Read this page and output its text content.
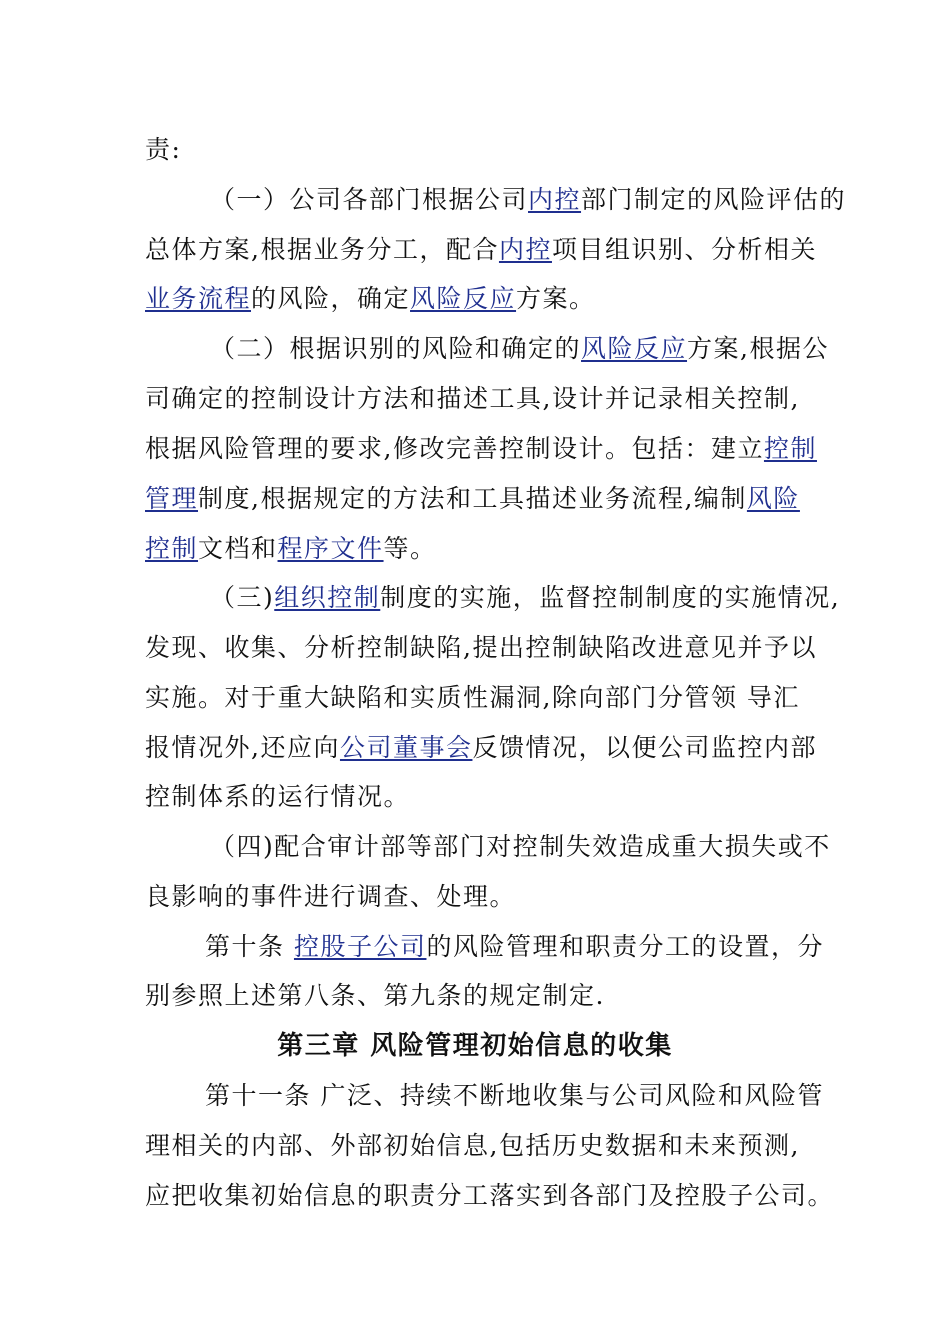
责:
（一）公司各部门根据公司内控部门制定的风险评估的
总体方案,根据业务分工，配合内控项目组识别、分析相关
业务流程的风险，确定风险反应方案。
（二）根据识别的风险和确定的风险反应方案,根据公
司确定的控制设计方法和描述工具,设计并记录相关控制,
根据风险管理的要求,修改完善控制设计。包括：建立控制
管理制度,根据规定的方法和工具描述业务流程,编制风险
控制文档和程序文件等。
（三)组织控制制度的实施，监督控制制度的实施情况,
发现、收集、分析控制缺陷,提出控制缺陷改进意见并予以
实施。对于重大缺陷和实质性漏洞,除向部门分管领 导汇
报情况外,还应向公司董事会反馈情况，以便公司监控内部
控制体系的运行情况。
（四)配合审计部等部门对控制失效造成重大损失或不
良影响的事件进行调查、处理。
第十条 控股子公司的风险管理和职责分工的设置，分
别参照上述第八条、第九条的规定制定.
第三章 风险管理初始信息的收集
第十一条 广泛、持续不断地收集与公司风险和风险管
理相关的内部、外部初始信息,包括历史数据和未来预测,
应把收集初始信息的职责分工落实到各部门及控股子公司。
